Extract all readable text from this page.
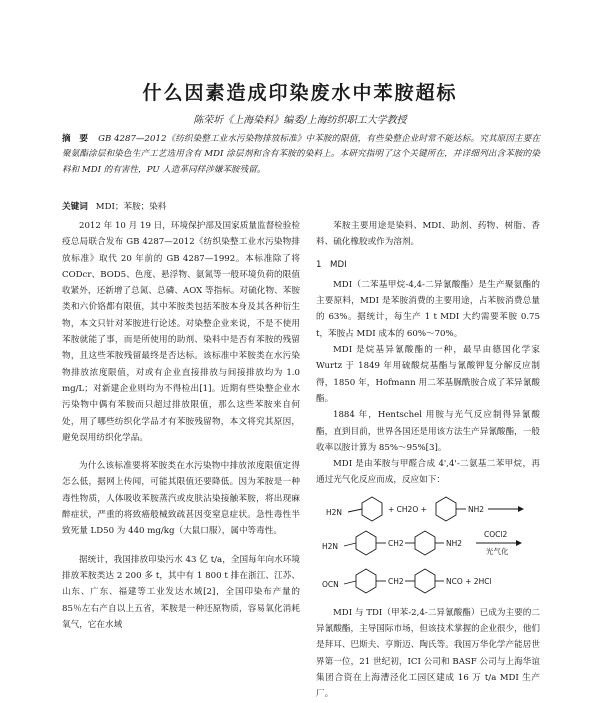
什么因素造成印染废水中苯胺超标
陈荣圻《上海染料》编委/上海纺织职工大学教授
摘　要 GB 4287—2012《纺织染整工业水污染物排放标准》中苯胺的限值，有些染整企业时常不能达标。究其原因主要在聚氨酯涂层和染色生产工艺选用含有 MDI 涂层剂和含有苯胺的染料上。本研究指明了这个关键所在，并详细列出含苯胺的染料和 MDI 的有害性，PU 人造革同样涉嫌苯胺残留。
关键词 MDI；苯胺；染料

2012 年 10 月 19 日，环境保护部及国家质量监督检验检疫总局联合发布 GB 4287—2012《纺织染整工业水污染物排放标准》取代 20 年前的 GB 4287—1992。本标准除了将 CODcr、BOD5、色度、悬浮物、氨氮等一般环境负荷的限值收紧外，还新增了总氮、总磷、AOX 等指标。对硫化物、苯胺类和六价铬都有限值，其中苯胺类包括苯胺本身及其各种衍生物，本文只针对苯胺进行论述。对染整企业来说，不是不使用苯胺就能了事，而是所使用的助剂、染料中是否有苯胺的残留物，且这些苯胺残留最终是否达标。该标准中苯胺类在水污染物排放浓度限值，对或有企业直接排放与间接排放均为 1.0 mg/L；对新建企业则均为不得检出[1]。近期有些染整企业水污染物中偶有苯胺而只超过排放限值，那么这些苯胺来自何处，用了哪些纺织化学品才有苯胺残留物，本文将究其原因，避免误用纺织化学品。

为什么该标准要将苯胺类在水污染物中排放浓度限值定得怎么低，据网上传闻，可能其限值还要降低。因为苯胺是一种毒性物质，人体吸收苯胺蒸汽或皮肤沾染接触苯胺，将出现麻醉症状，严重的将致癌般械致疏甚因变窒息症状。急性毒性半致死量 LD50 为 440 mg/kg（大鼠口服），属中等毒性。

据统计，我国排放印染污水 43 亿 t/a，全国每年向水环境排放苯胺类达 2 200 多 t，其中有 1 800 t 排在浙江、江苏、山东、广东、福建等工业发达水域[2]，全国印染布产量的 85％左右产自以上五省，苯胺是一种还原物质，容易氧化消耗氧气，它在水域

苯胺主要用途是染料、MDI、助剂、药物、树脂、香料、硫化橡胶或作为溶剂。

1　MDI

MDI（二苯基甲烷-4,4-二异氰酸酯）是生产聚氨酯的主要原料，MDI 是苯胺消费的主要用途，占苯胺消费总量的 63%。据统计，每生产 1 t MDI 大约需要苯胺 0.75 t，苯胺占 MDI 成本的 60%～70%。

MDI 是烷基异氰酸酯的一种，最早由德国化学家 Wurtz 于 1849 年用硫酸烷基酯与氰酸钾复分解反应制得，1850 年，Hofmann 用二苯基脲酰胺合成了苯异氰酸酯。

1884 年，Hentschel 用胺与光气反应制得异氰酸酯，直到目前，世界各国还是用该方法生产异氰酸酯，一般收率以胺计算为 85%～95%[3]。

MDI 是由苯胺与甲醛合成 4',4'-二氨基二苯甲烷，再通过光气化反应而成，反应如下：

H2N	+ CH2O +	NH2
H2N	CH2	NH2
COCl2
光气化
OCN	CH2	NCO + 2HCl

MDI 与 TDI（甲苯-2,4-二异氰酸酯）已成为主要的二异氰酸酯，主导国际市场，但该技术掌握的企业很少，他们是拜耳、巴斯夫、亨斯迈、陶氏等。我国万华化学产能居世界第一位，21 世纪初，ICI 公司和 BASF 公司与上海华谊集团合资在上海漕泾化工园区建成 16 万 t/a MDI 生产厂。
